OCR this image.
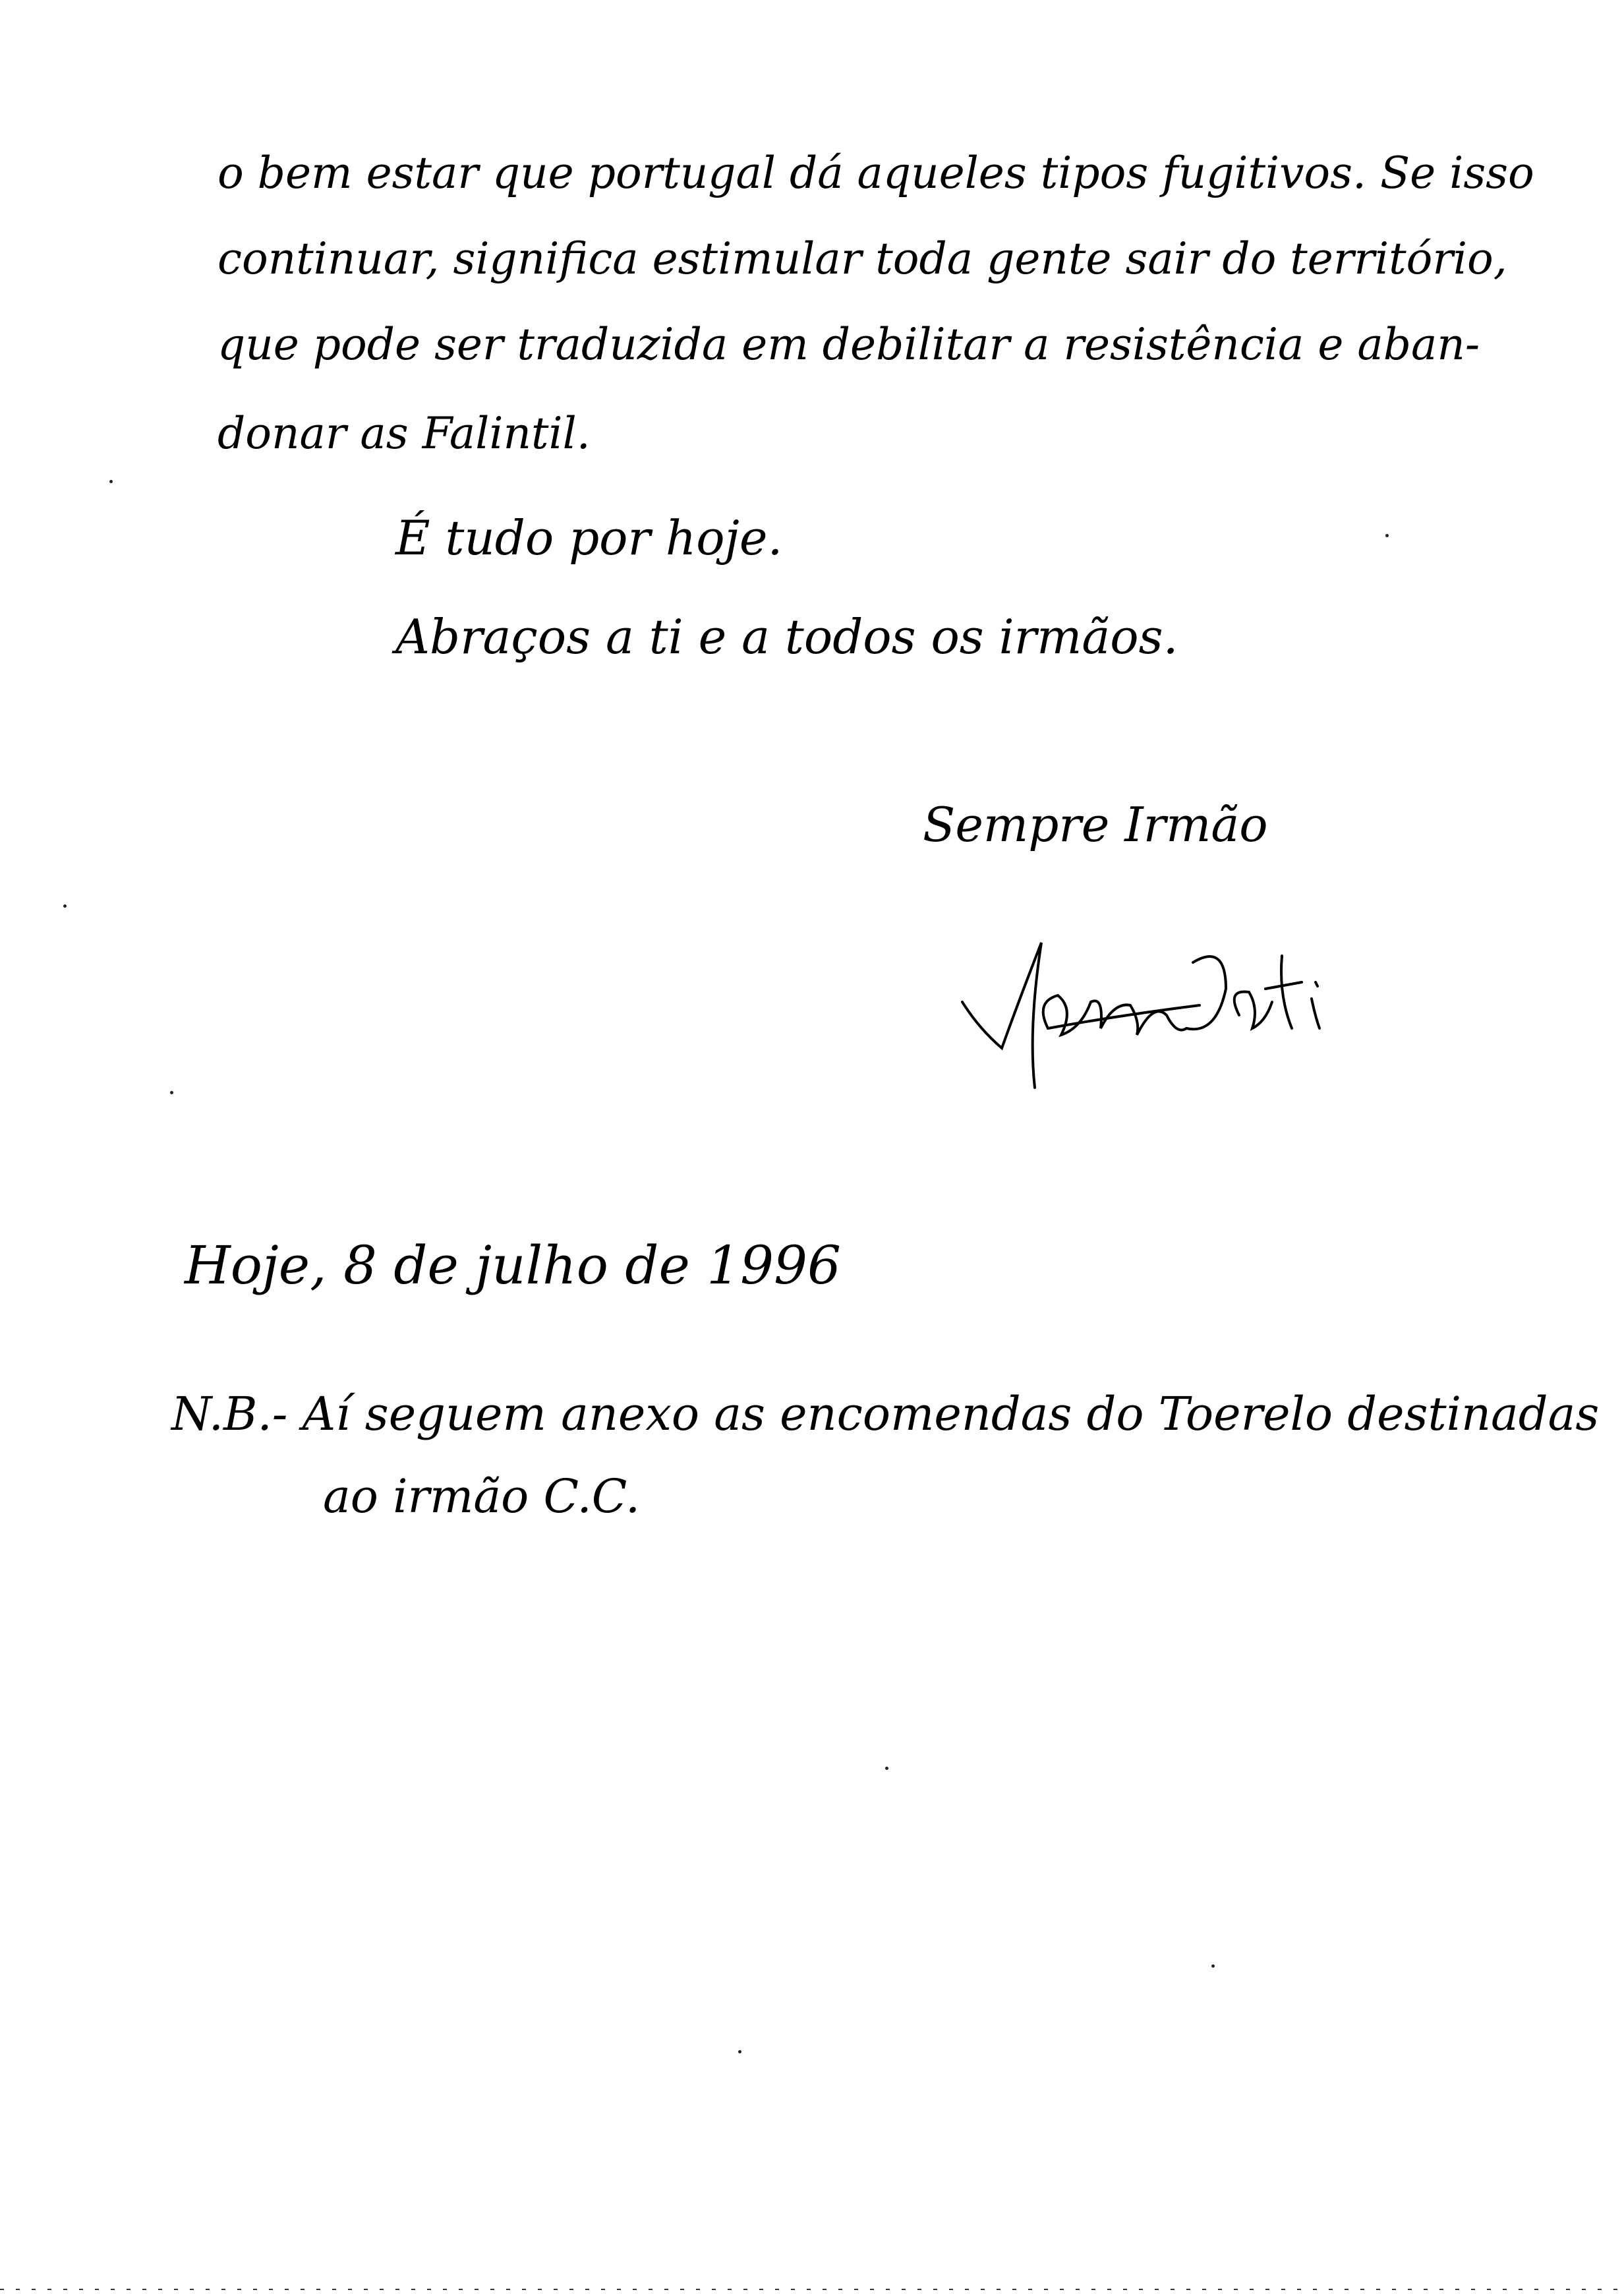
o bem estar que portugal dá aqueles tipos fugitivos. Se isso
continuar, significa estimular toda gente sair do território,
que pode ser traduzida em debilitar a resistência e aban-
donar as Falintil.
É tudo por hoje.
Abraços a ti e a todos os irmãos.
Sempre Irmão
Hoje, 8 de julho de 1996
N.B.- Aí seguem anexo as encomendas do Toerelo destinadas
ao irmão C.C.
